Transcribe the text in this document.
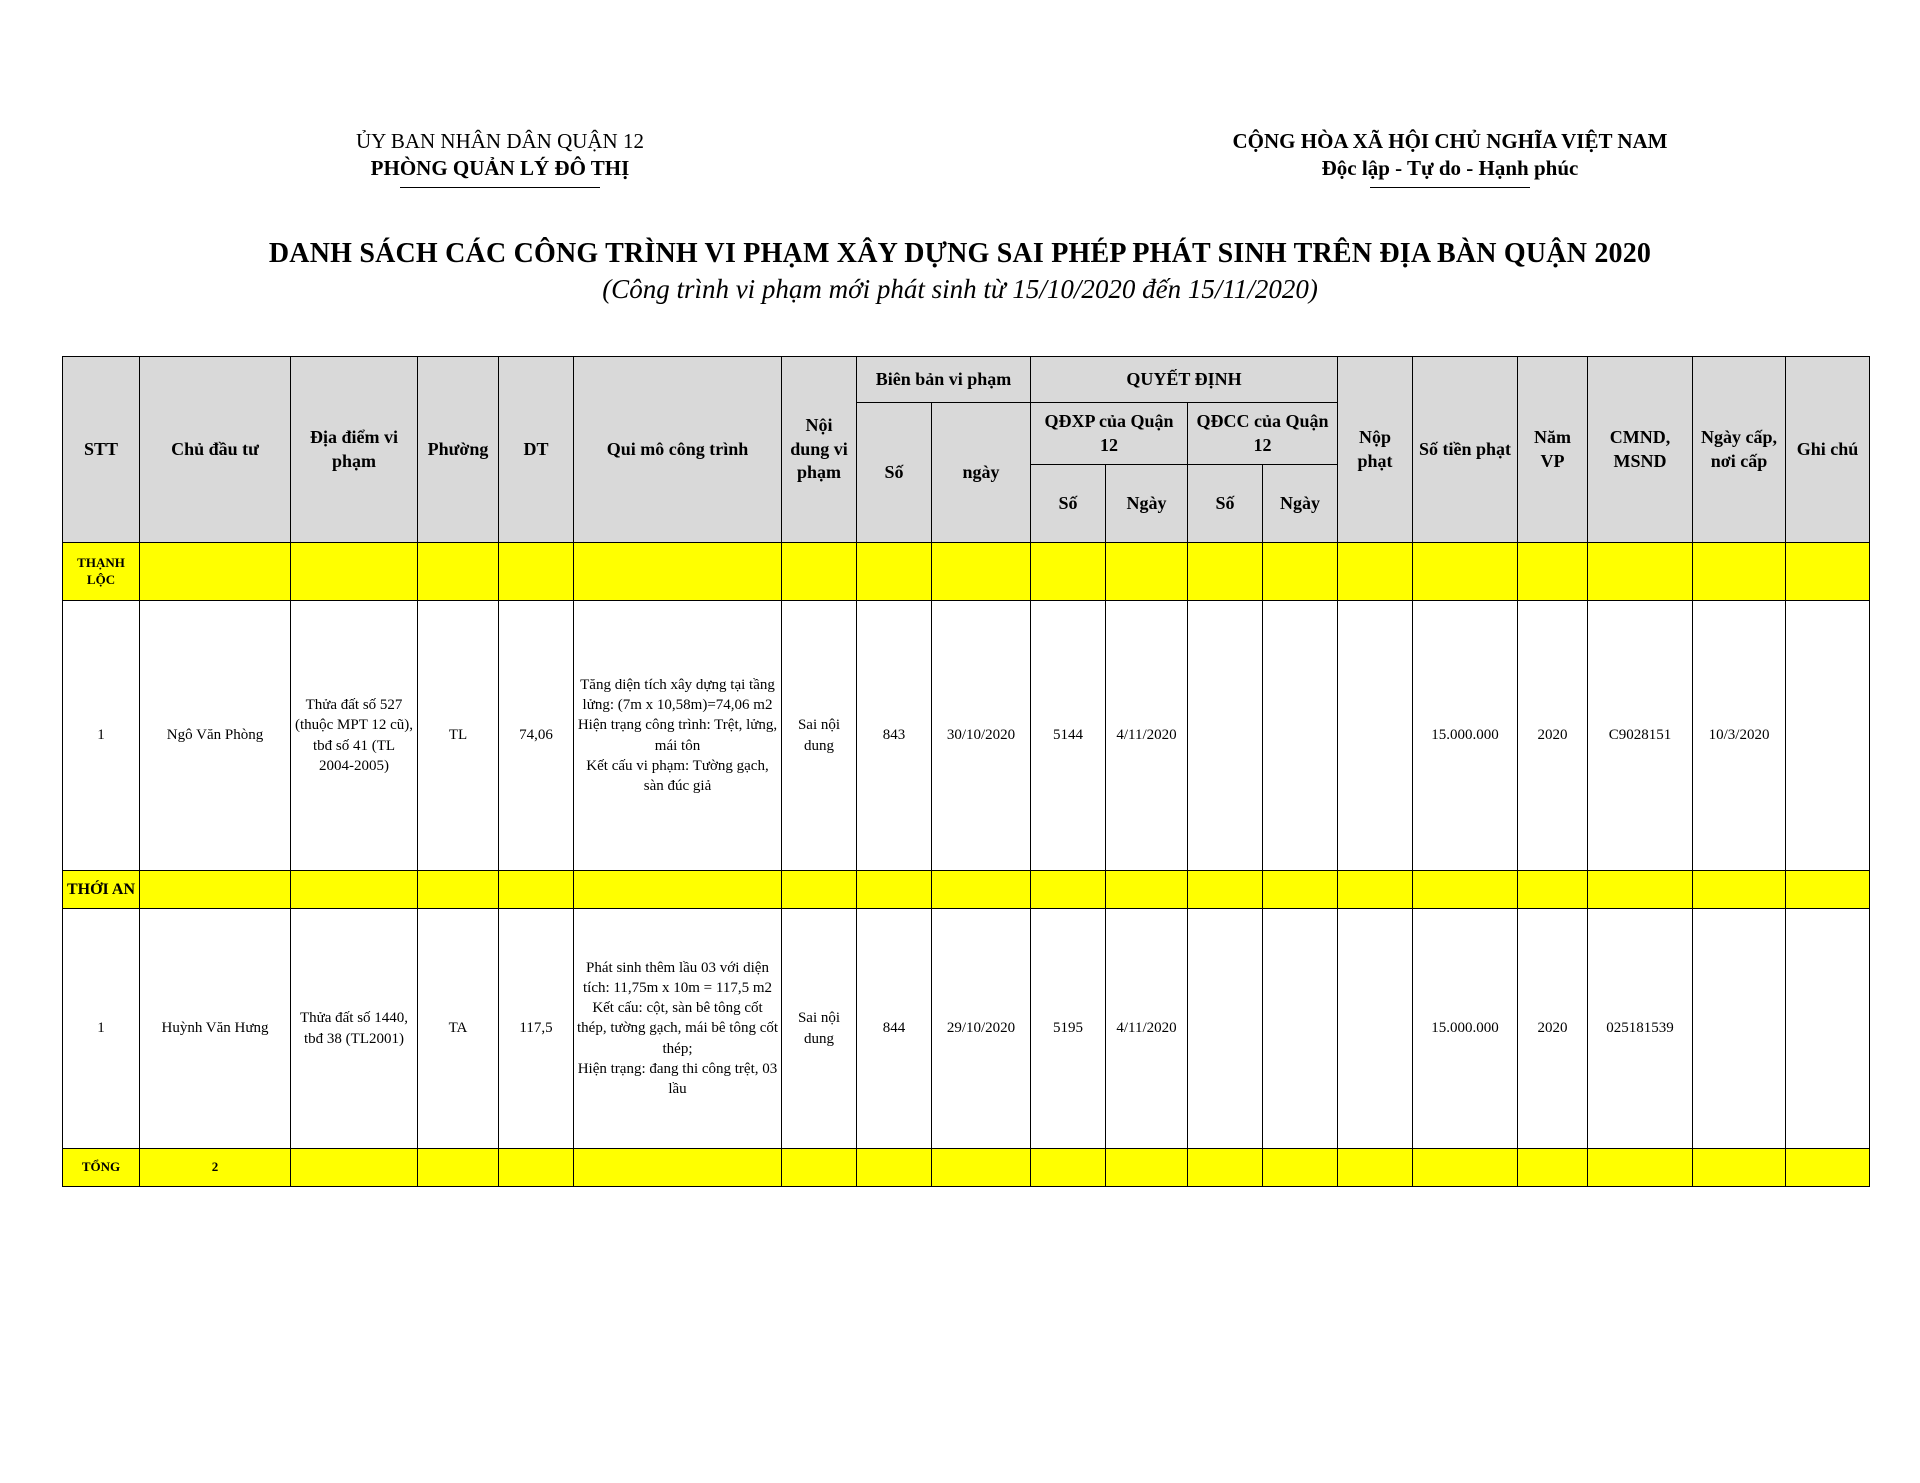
ỦY BAN NHÂN DÂN QUẬN 12
PHÒNG QUẢN LÝ ĐÔ THỊ
CỘNG HÒA XÃ HỘI CHỦ NGHĨA VIỆT NAM
Độc lập - Tự do - Hạnh phúc
DANH SÁCH CÁC CÔNG TRÌNH VI PHẠM XÂY DỰNG SAI PHÉP PHÁT SINH TRÊN ĐỊA BÀN QUẬN 2020
(Công trình vi phạm mới phát sinh từ 15/10/2020 đến 15/11/2020)
STT	Chủ đầu tư	Địa điểm vi phạm	Phường	DT	Qui mô công trình	Nội dung vi phạm	Biên bản vi phạm		QUYẾT ĐỊNH				Nộp phạt	Số tiền phạt	Năm VP	CMND, MSND	Ngày cấp, nơi cấp	Ghi chú
							Số	ngày	QĐXP của Quận 12		QĐCC của Quận 12							
									Số	Ngày	Số	Ngày						
THẠNH LỘC																		
1	Ngô Văn Phòng	Thửa đất số 527 (thuộc MPT 12 cũ), tbđ số 41 (TL 2004-2005)	TL	74,06	Tăng diện tích xây dựng tại tầng lửng: (7m x 10,58m)=74,06 m2
Hiện trạng công trình: Trệt, lửng, mái tôn
Kết cấu vi phạm: Tường gạch, sàn đúc giả	Sai nội dung	843	30/10/2020	5144	4/11/2020				15.000.000	2020	C9028151	10/3/2020	
THỚI AN																		
1	Huỳnh Văn Hưng	Thửa đất số 1440, tbđ 38 (TL2001)	TA	117,5	Phát sinh thêm lầu 03 với diện tích: 11,75m x 10m = 117,5 m2
Kết cấu: cột, sàn bê tông cốt thép, tường gạch, mái bê tông cốt thép;
Hiện trạng: đang thi công trệt, 03 lầu	Sai nội dung	844	29/10/2020	5195	4/11/2020				15.000.000	2020	025181539		
TỔNG	2																	
